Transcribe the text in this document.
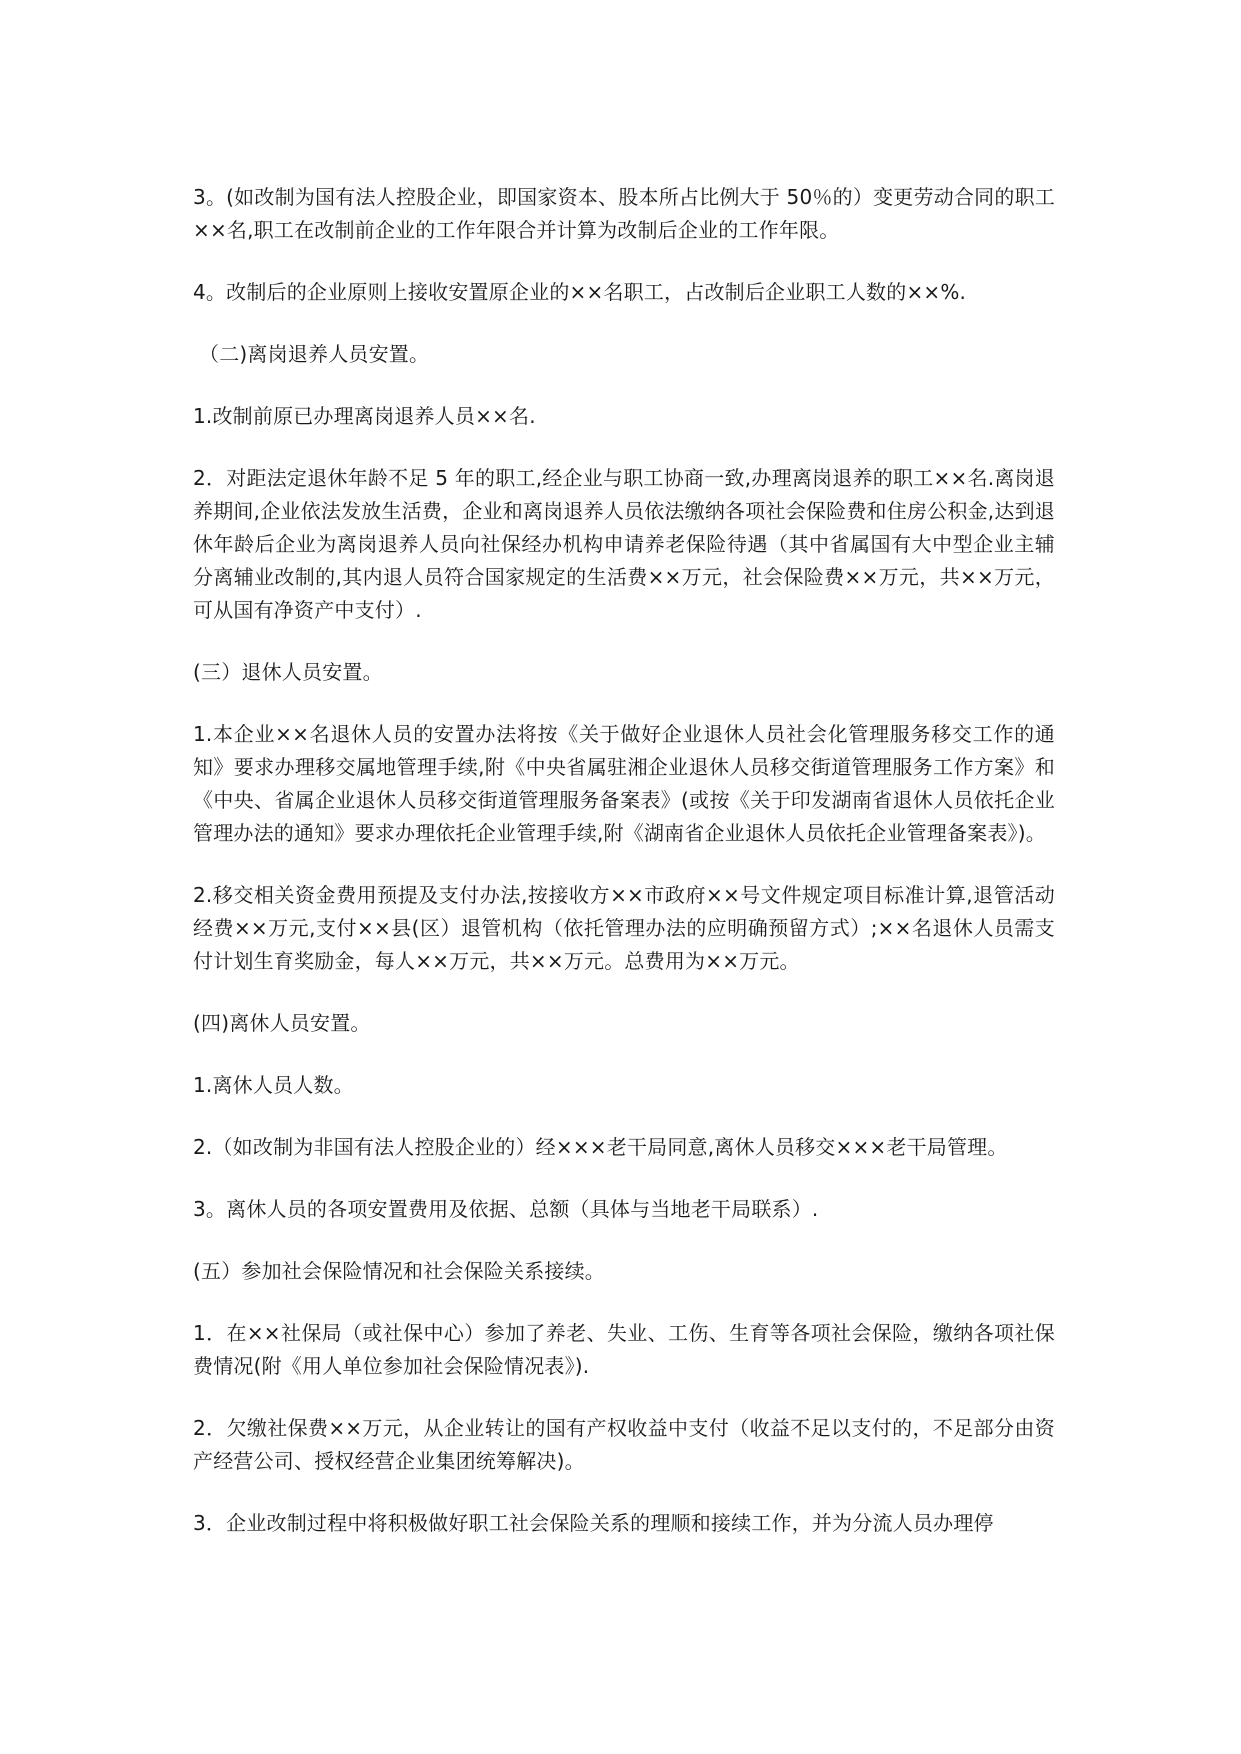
3。(如改制为国有法人控股企业，即国家资本、股本所占比例大于 50％的）变更劳动合同的职工××名,职工在改制前企业的工作年限合并计算为改制后企业的工作年限。

4。改制后的企业原则上接收安置原企业的××名职工，占改制后企业职工人数的××%.

（二)离岗退养人员安置。

1.改制前原已办理离岗退养人员××名.

2．对距法定退休年龄不足 5 年的职工,经企业与职工协商一致,办理离岗退养的职工××名.离岗退养期间,企业依法发放生活费，企业和离岗退养人员依法缴纳各项社会保险费和住房公积金,达到退休年龄后企业为离岗退养人员向社保经办机构申请养老保险待遇（其中省属国有大中型企业主辅分离辅业改制的,其内退人员符合国家规定的生活费××万元，社会保险费××万元，共××万元，可从国有净资产中支付）.

(三）退休人员安置。

1.本企业××名退休人员的安置办法将按《关于做好企业退休人员社会化管理服务移交工作的通知》要求办理移交属地管理手续,附《中央省属驻湘企业退休人员移交街道管理服务工作方案》和《中央、省属企业退休人员移交街道管理服务备案表》(或按《关于印发湖南省退休人员依托企业管理办法的通知》要求办理依托企业管理手续,附《湖南省企业退休人员依托企业管理备案表》)。

2.移交相关资金费用预提及支付办法,按接收方××市政府××号文件规定项目标准计算,退管活动经费××万元,支付××县(区）退管机构（依托管理办法的应明确预留方式）;××名退休人员需支付计划生育奖励金，每人××万元，共××万元。总费用为××万元。

(四)离休人员安置。

1.离休人员人数。

2.（如改制为非国有法人控股企业的）经×××老干局同意,离休人员移交×××老干局管理。

3。离休人员的各项安置费用及依据、总额（具体与当地老干局联系）.

(五）参加社会保险情况和社会保险关系接续。

1．在××社保局（或社保中心）参加了养老、失业、工伤、生育等各项社会保险，缴纳各项社保费情况(附《用人单位参加社会保险情况表》).

2．欠缴社保费××万元，从企业转让的国有产权收益中支付（收益不足以支付的，不足部分由资产经营公司、授权经营企业集团统筹解决)。

3．企业改制过程中将积极做好职工社会保险关系的理顺和接续工作，并为分流人员办理停
